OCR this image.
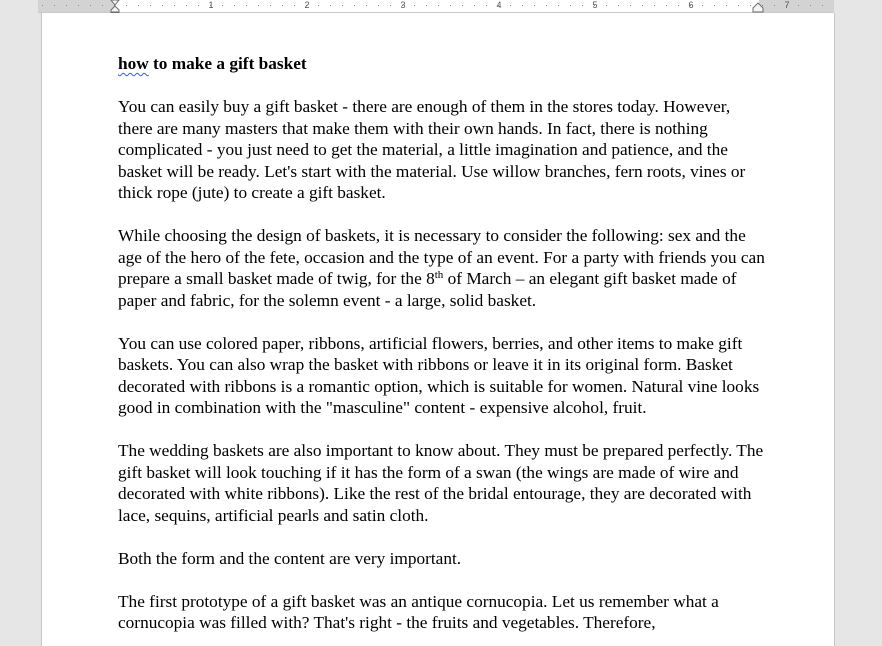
1	2	3	4	5	6	7

how to make a gift basket

You can easily buy a gift basket - there are enough of them in the stores today. However, there are many masters that make them with their own hands. In fact, there is nothing complicated - you just need to get the material, a little imagination and patience, and the basket will be ready. Let's start with the material. Use willow branches, fern roots, vines or thick rope (jute) to create a gift basket.

While choosing the design of baskets, it is necessary to consider the following: sex and the age of the hero of the fete, occasion and the type of an event. For a party with friends you can prepare a small basket made of twig, for the 8th of March – an elegant gift basket made of paper and fabric, for the solemn event - a large, solid basket.

You can use colored paper, ribbons, artificial flowers, berries, and other items to make gift baskets. You can also wrap the basket with ribbons or leave it in its original form. Basket decorated with ribbons is a romantic option, which is suitable for women. Natural vine looks good in combination with the "masculine" content - expensive alcohol, fruit.

The wedding baskets are also important to know about. They must be prepared perfectly. The gift basket will look touching if it has the form of a swan (the wings are made of wire and decorated with white ribbons). Like the rest of the bridal entourage, they are decorated with lace, sequins, artificial pearls and satin cloth.

Both the form and the content are very important.

The first prototype of a gift basket was an antique cornucopia. Let us remember what a cornucopia was filled with? That's right - the fruits and vegetables. Therefore,
